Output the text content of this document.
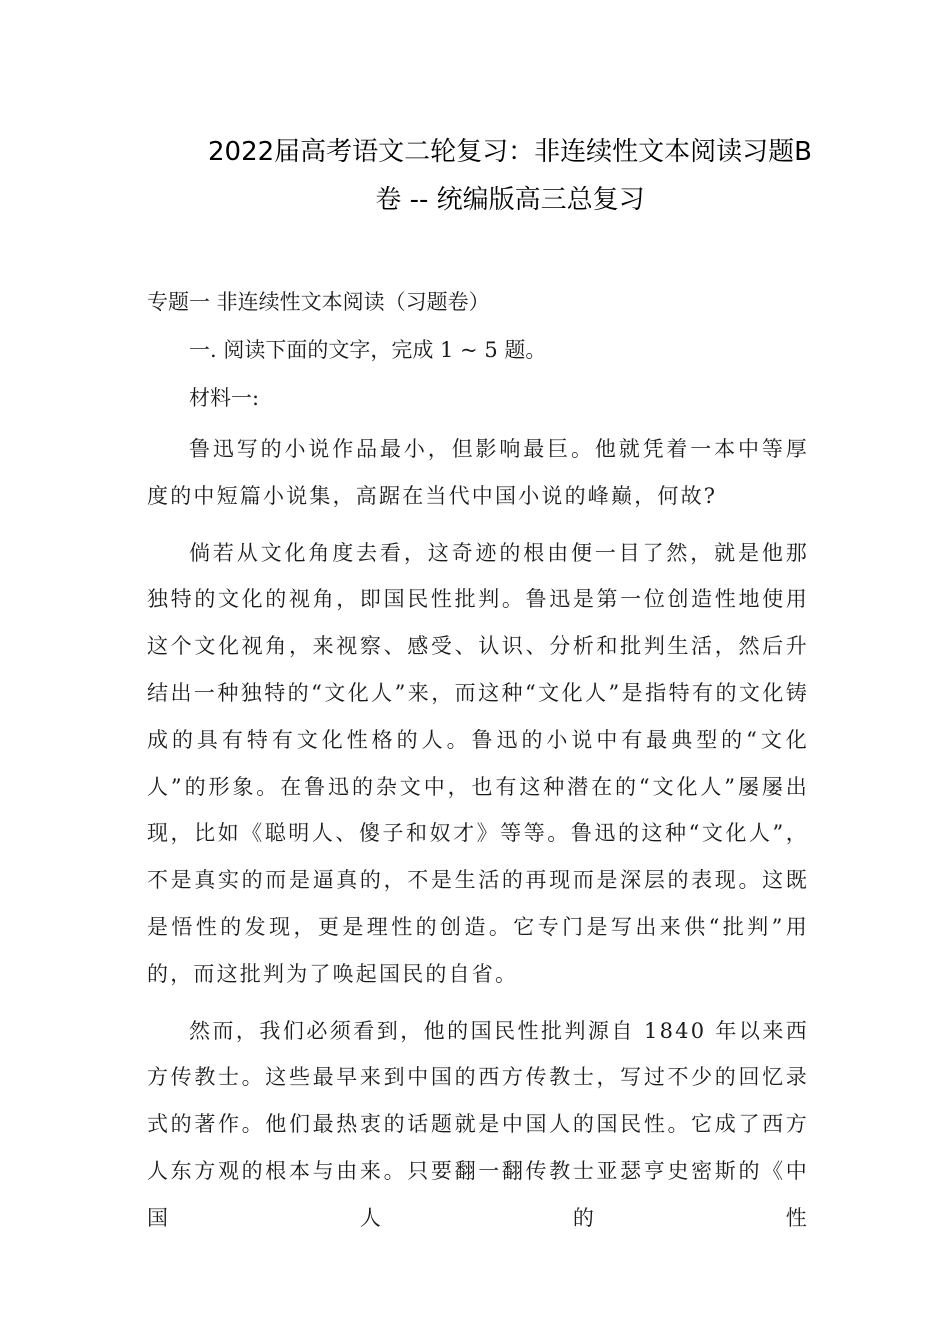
2022届高考语文二轮复习：非连续性文本阅读习题B
卷 -- 统编版高三总复习

专题一 非连续性文本阅读（习题卷）

一. 阅读下面的文字，完成 1 ~ 5 题。

材料一:

鲁迅写的小说作品最小，但影响最巨。他就凭着一本中等厚度的中短篇小说集，高踞在当代中国小说的峰巅，何故?

倘若从文化角度去看，这奇迹的根由便一目了然，就是他那独特的文化的视角，即国民性批判。鲁迅是第一位创造性地使用这个文化视角，来视察、感受、认识、分析和批判生活，然后升结出一种独特的“文化人”来，而这种“文化人”是指特有的文化铸成的具有特有文化性格的人。鲁迅的小说中有最典型的“文化人”的形象。在鲁迅的杂文中，也有这种潜在的“文化人”屡屡出现，比如《聪明人、傻子和奴才》等等。鲁迅的这种“文化人”，不是真实的而是逼真的，不是生活的再现而是深层的表现。这既是悟性的发现，更是理性的创造。它专门是写出来供“批判”用的，而这批判为了唤起国民的自省。

然而，我们必须看到，他的国民性批判源自 1840 年以来西方传教士。这些最早来到中国的西方传教士，写过不少的回忆录式的著作。他们最热衷的话题就是中国人的国民性。它成了西方人东方观的根本与由来。只要翻一翻传教士亚瑟亨史密斯的《中国人的性
